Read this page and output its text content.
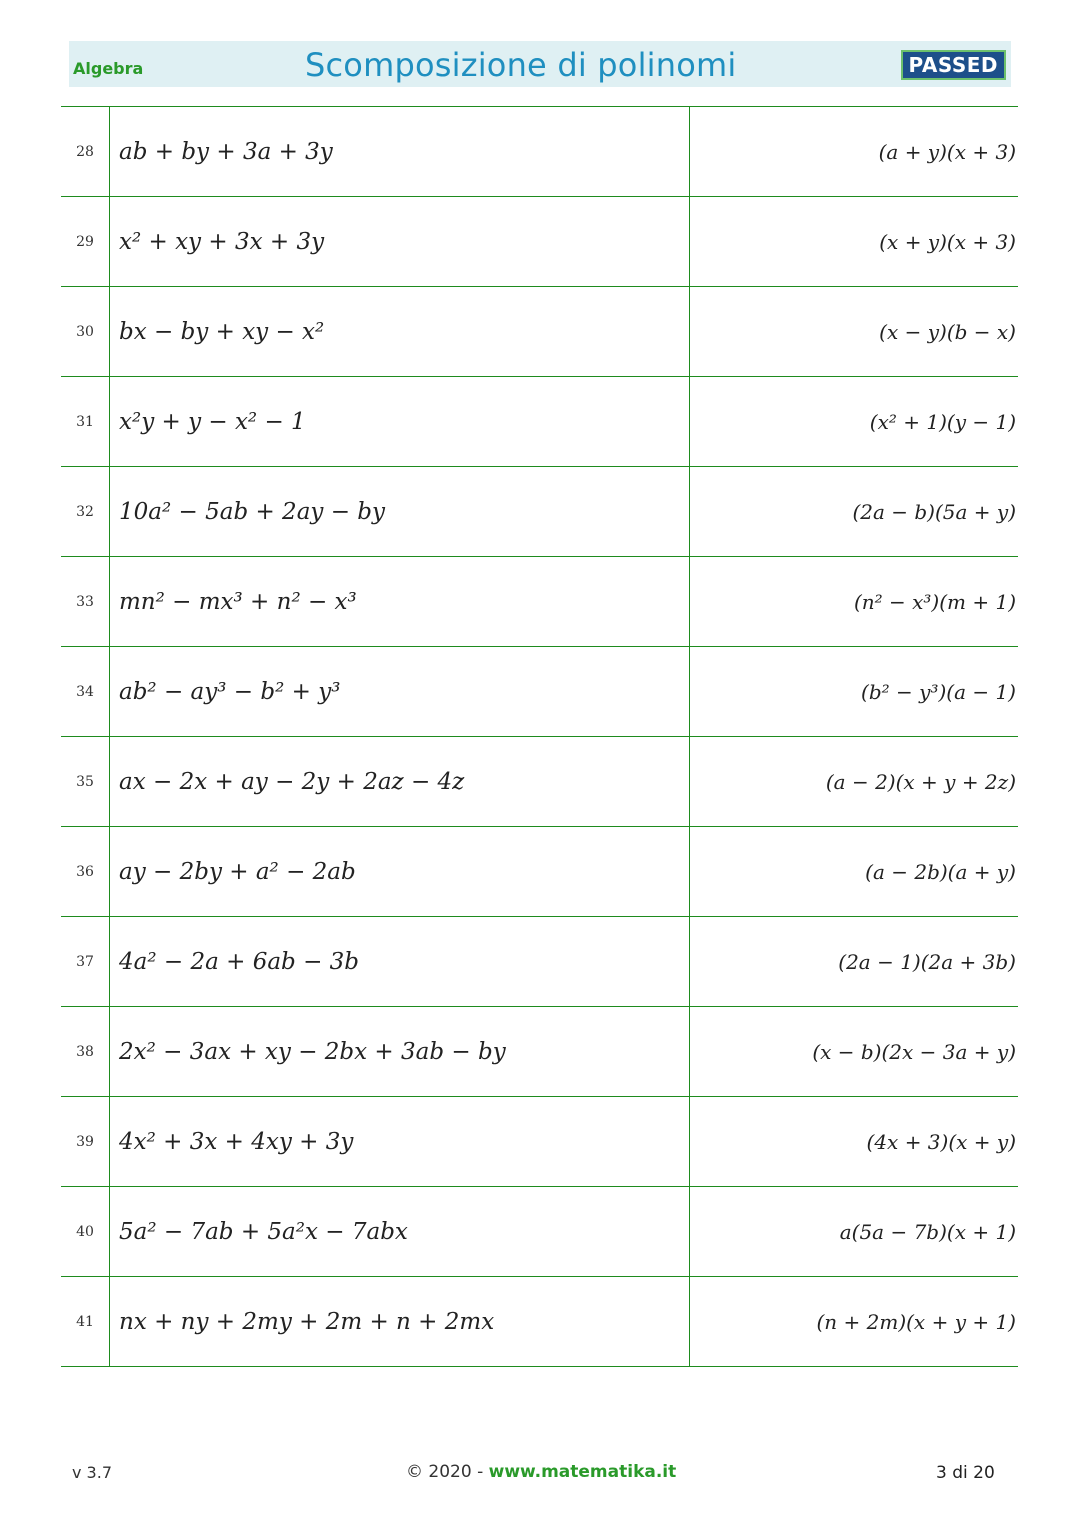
Algebra	Scomposizione di polinomi	PASSED
28	ab + by + 3a + 3y	(a + y)(x + 3)
29	x² + xy + 3x + 3y	(x + y)(x + 3)
30	bx − by + xy − x²	(x − y)(b − x)
31	x²y + y − x² − 1	(x² + 1)(y − 1)
32	10a² − 5ab + 2ay − by	(2a − b)(5a + y)
33	mn² − mx³ + n² − x³	(n² − x³)(m + 1)
34	ab² − ay³ − b² + y³	(b² − y³)(a − 1)
35	ax − 2x + ay − 2y + 2az − 4z	(a − 2)(x + y + 2z)
36	ay − 2by + a² − 2ab	(a − 2b)(a + y)
37	4a² − 2a + 6ab − 3b	(2a − 1)(2a + 3b)
38	2x² − 3ax + xy − 2bx + 3ab − by	(x − b)(2x − 3a + y)
39	4x² + 3x + 4xy + 3y	(4x + 3)(x + y)
40	5a² − 7ab + 5a²x − 7abx	a(5a − 7b)(x + 1)
41	nx + ny + 2my + 2m + n + 2mx	(n + 2m)(x + y + 1)
v 3.7	© 2020 - www.matematika.it	3 di 20
